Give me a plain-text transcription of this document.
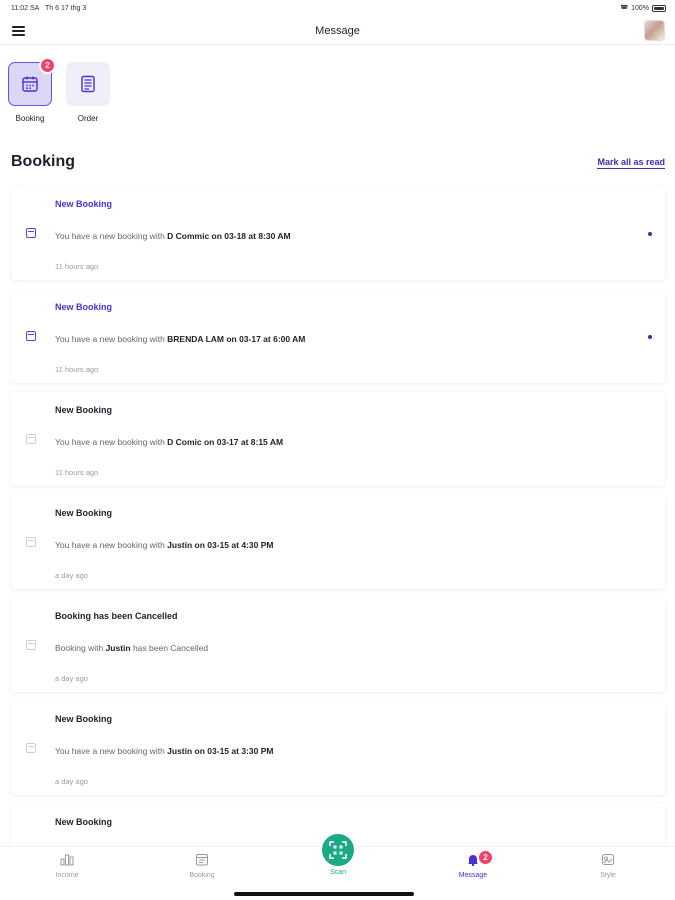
11:02 SA Th 6 17 thg 3	◚ 100%
Message
2
Booking	Order
Booking	Mark all as read
New Booking
You have a new booking with D Commic on 03-18 at 8:30 AM
11 hours ago
New Booking
You have a new booking with BRENDA LAM on 03-17 at 6:00 AM
11 hours ago
New Booking
You have a new booking with D Comic on 03-17 at 8:15 AM
11 hours ago
New Booking
You have a new booking with Justin on 03-15 at 4:30 PM
a day ago
Booking has been Cancelled
Booking with Justin has been Cancelled
a day ago
New Booking
You have a new booking with Justin on 03-15 at 3:30 PM
a day ago
New Booking
Income	Booking	Scan
2
Message	Style
